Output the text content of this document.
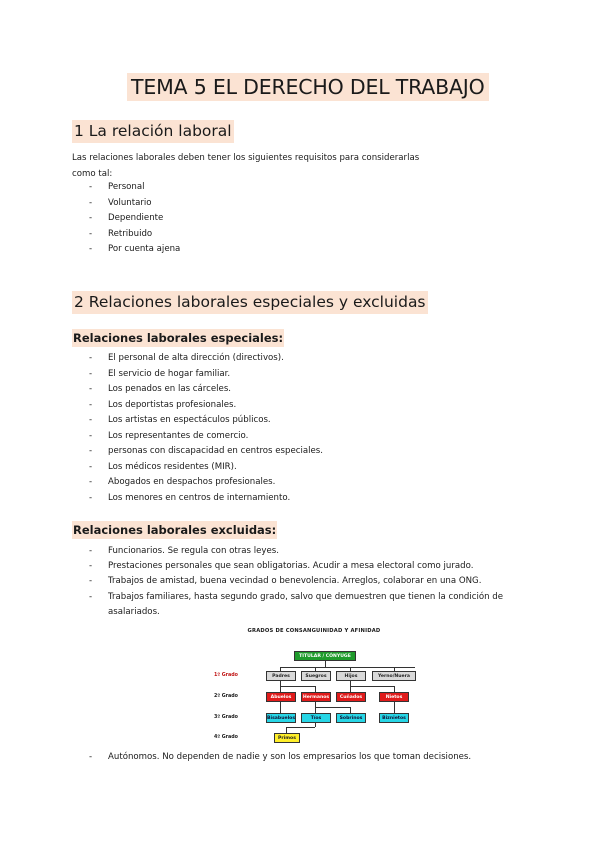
TEMA 5 EL DERECHO DEL TRABAJO
1 La relación laboral

Las relaciones laborales deben tener los siguientes requisitos para considerarlas
como tal:

- Personal
- Voluntario
- Dependiente
- Retribuido
- Por cuenta ajena
2 Relaciones laborales especiales y excluidas
Relaciones laborales especiales:
- El personal de alta dirección (directivos).
- El servicio de hogar familiar.
- Los penados en las cárceles.
- Los deportistas profesionales.
- Los artistas en espectáculos públicos.
- Los representantes de comercio.
- personas con discapacidad en centros especiales.
- Los médicos residentes (MIR).
- Abogados en despachos profesionales.
- Los menores en centros de internamiento.
Relaciones laborales excluidas:
- Funcionarios. Se regula con otras leyes.
- Prestaciones personales que sean obligatorias. Acudir a mesa electoral como jurado.
- Trabajos de amistad, buena vecindad o benevolencia. Arreglos, colaborar en una ONG.
- Trabajos familiares, hasta segundo grado, salvo que demuestren que tienen la condición de asalariados.
GRADOS DE CONSANGUINIDAD Y AFINIDAD
TITULAR / CÓNYUGE
1º Grado	Padres	Suegros	Hijos	Yerno/Nuera
2º Grado	Abuelos	Hermanos	Cuñados	Nietos
3º Grado	Bisabuelos	Tíos	Sobrinos	Biznietos
4º Grado	Primos
- Autónomos. No dependen de nadie y son los empresarios los que toman decisiones.
